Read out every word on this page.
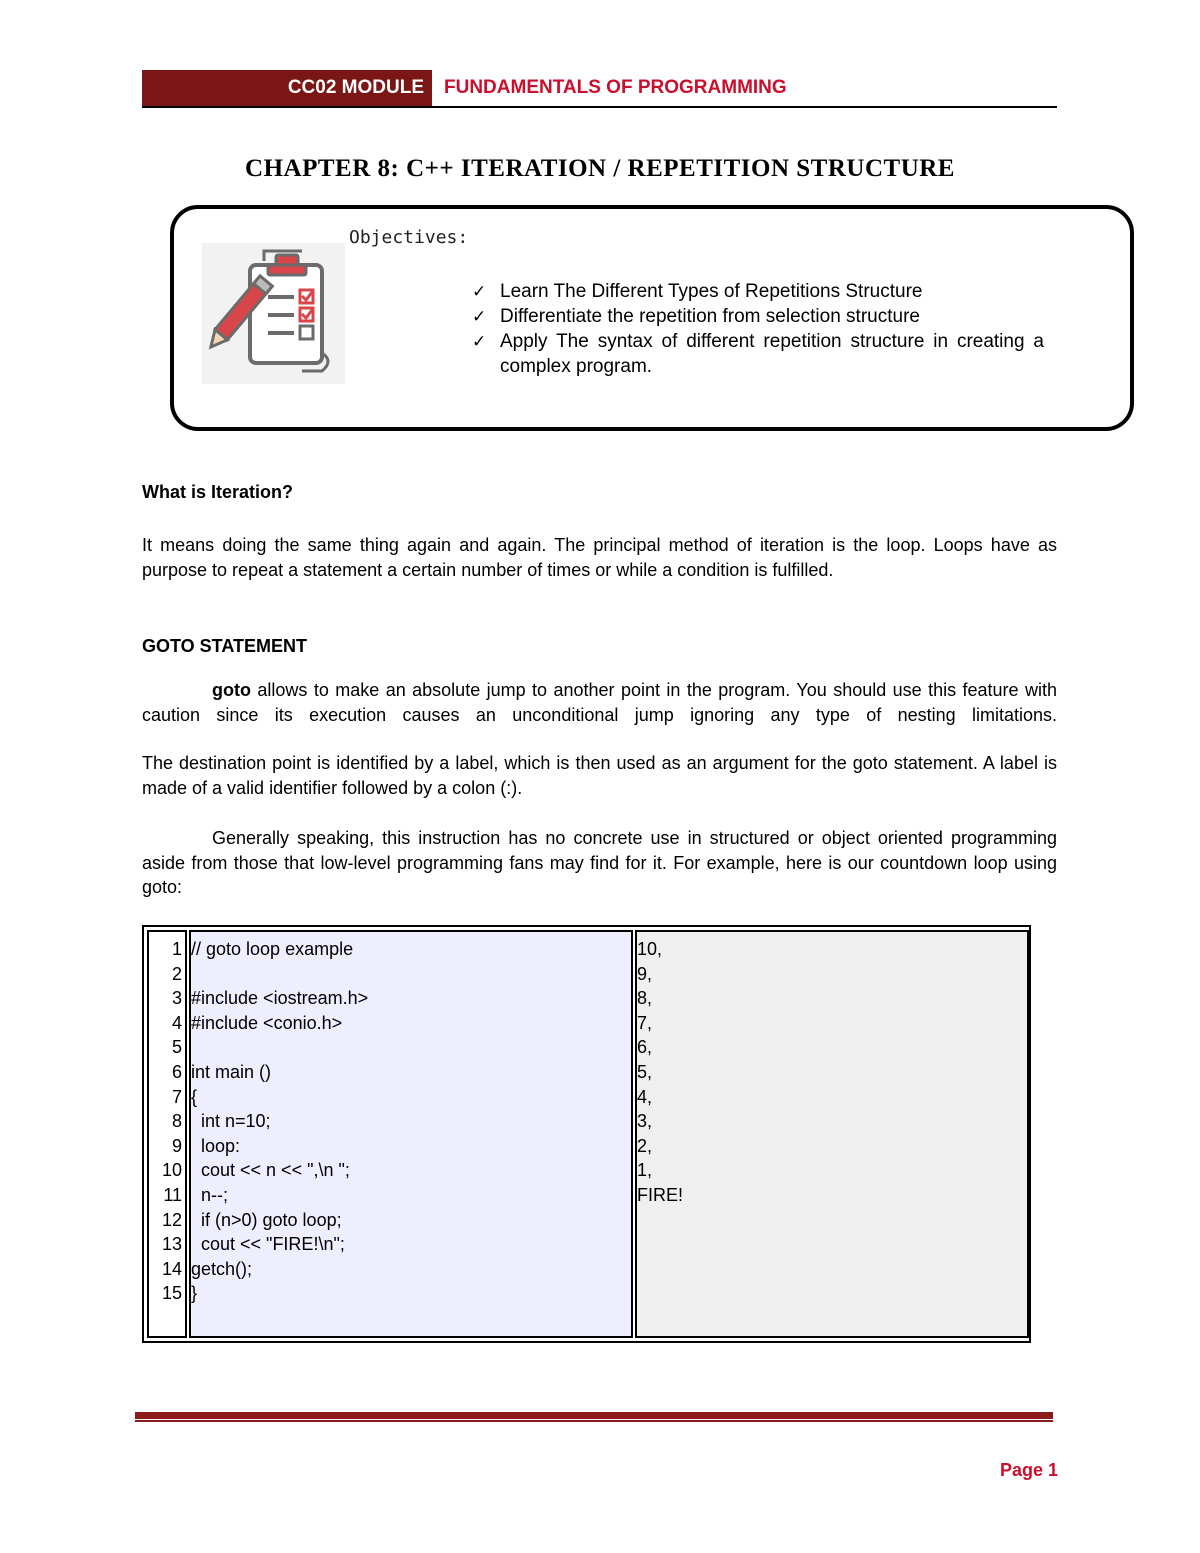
CC02 MODULE	FUNDAMENTALS OF PROGRAMMING
CHAPTER 8: C++ ITERATION / REPETITION STRUCTURE
Objectives:
✓ Learn The Different Types of Repetitions Structure
✓ Differentiate the repetition from selection structure
✓ Apply The syntax of different repetition structure in creating a complex program.
What is Iteration?

It means doing the same thing again and again. The principal method of iteration is the loop. Loops have as purpose to repeat a statement a certain number of times or while a condition is fulfilled.

GOTO STATEMENT

goto allows to make an absolute jump to another point in the program. You should use this feature with caution since its execution causes an unconditional jump ignoring any type of nesting limitations.

The destination point is identified by a label, which is then used as an argument for the goto statement. A label is made of a valid identifier followed by a colon (:).

Generally speaking, this instruction has no concrete use in structured or object oriented programming aside from those that low-level programming fans may find for it. For example, here is our countdown loop using goto:

1
2
3
4
5
6
7
8
9
10
11
12
13
14
15
// goto loop example
#include <iostream.h>
#include <conio.h>
int main ()
{
int n=10;
loop:
cout << n << ",\n ";
n--;
if (n>0) goto loop;
cout << "FIRE!\n";
getch();
}
10,
9,
8,
7,
6,
5,
4,
3,
2,
1,
FIRE!
Page 1
